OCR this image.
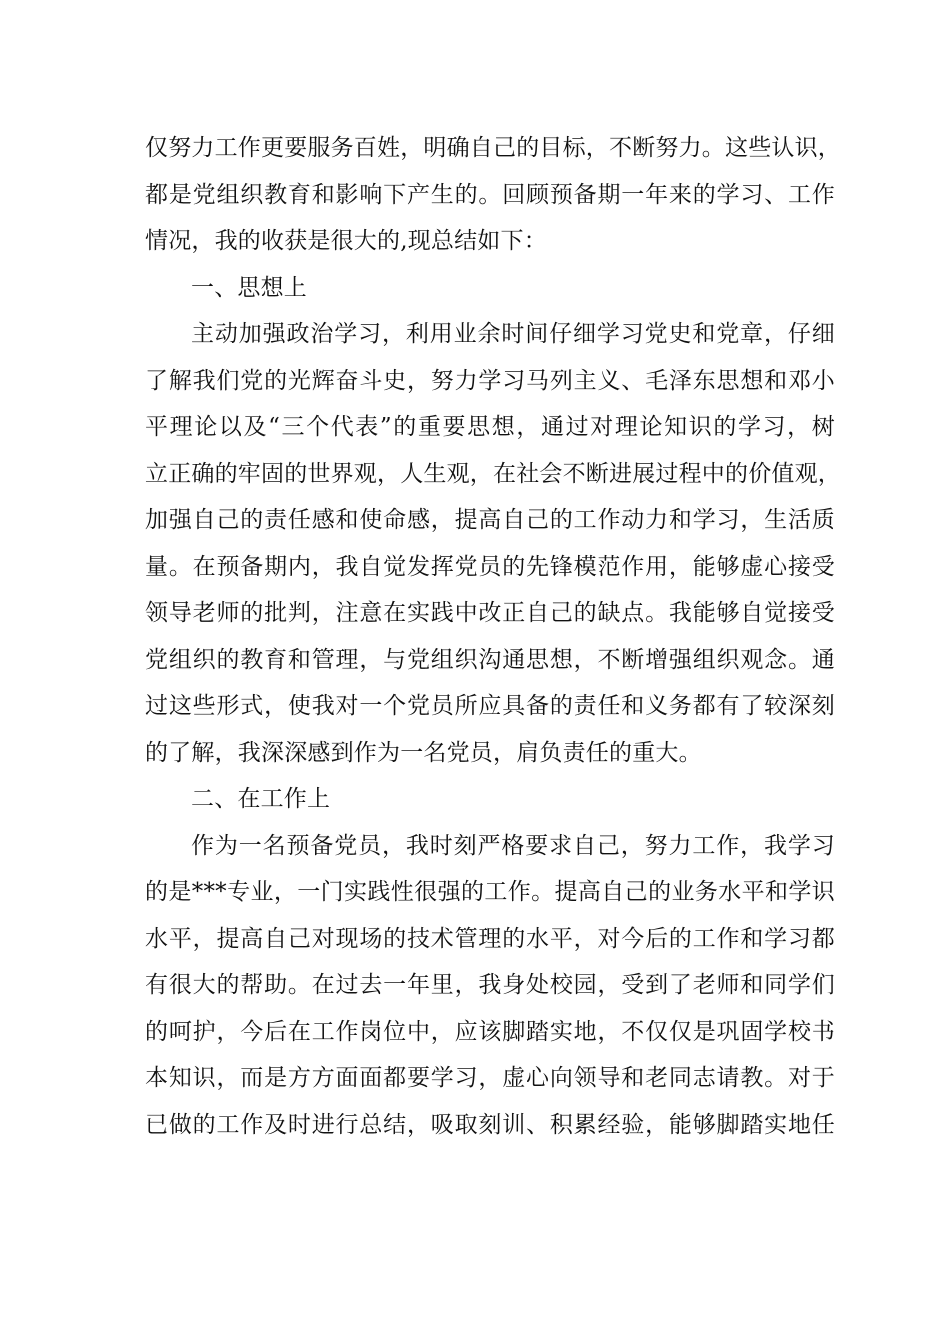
仅努力工作更要服务百姓，明确自己的目标，不断努力。这些认识，
都是党组织教育和影响下产生的。回顾预备期一年来的学习、工作
情况，我的收获是很大的,现总结如下：
一、思想上
主动加强政治学习，利用业余时间仔细学习党史和党章，仔细
了解我们党的光辉奋斗史，努力学习马列主义、毛泽东思想和邓小
平理论以及“三个代表”的重要思想，通过对理论知识的学习，树
立正确的牢固的世界观，人生观，在社会不断进展过程中的价值观，
加强自己的责任感和使命感，提高自己的工作动力和学习，生活质
量。在预备期内，我自觉发挥党员的先锋模范作用，能够虚心接受
领导老师的批判，注意在实践中改正自己的缺点。我能够自觉接受
党组织的教育和管理，与党组织沟通思想，不断增强组织观念。通
过这些形式，使我对一个党员所应具备的责任和义务都有了较深刻
的了解，我深深感到作为一名党员，肩负责任的重大。
二、在工作上
作为一名预备党员，我时刻严格要求自己，努力工作，我学习
的是***专业，一门实践性很强的工作。提高自己的业务水平和学识
水平，提高自己对现场的技术管理的水平，对今后的工作和学习都
有很大的帮助。在过去一年里，我身处校园，受到了老师和同学们
的呵护，今后在工作岗位中，应该脚踏实地，不仅仅是巩固学校书
本知识，而是方方面面都要学习，虚心向领导和老同志请教。对于
已做的工作及时进行总结，吸取刻训、积累经验，能够脚踏实地任
